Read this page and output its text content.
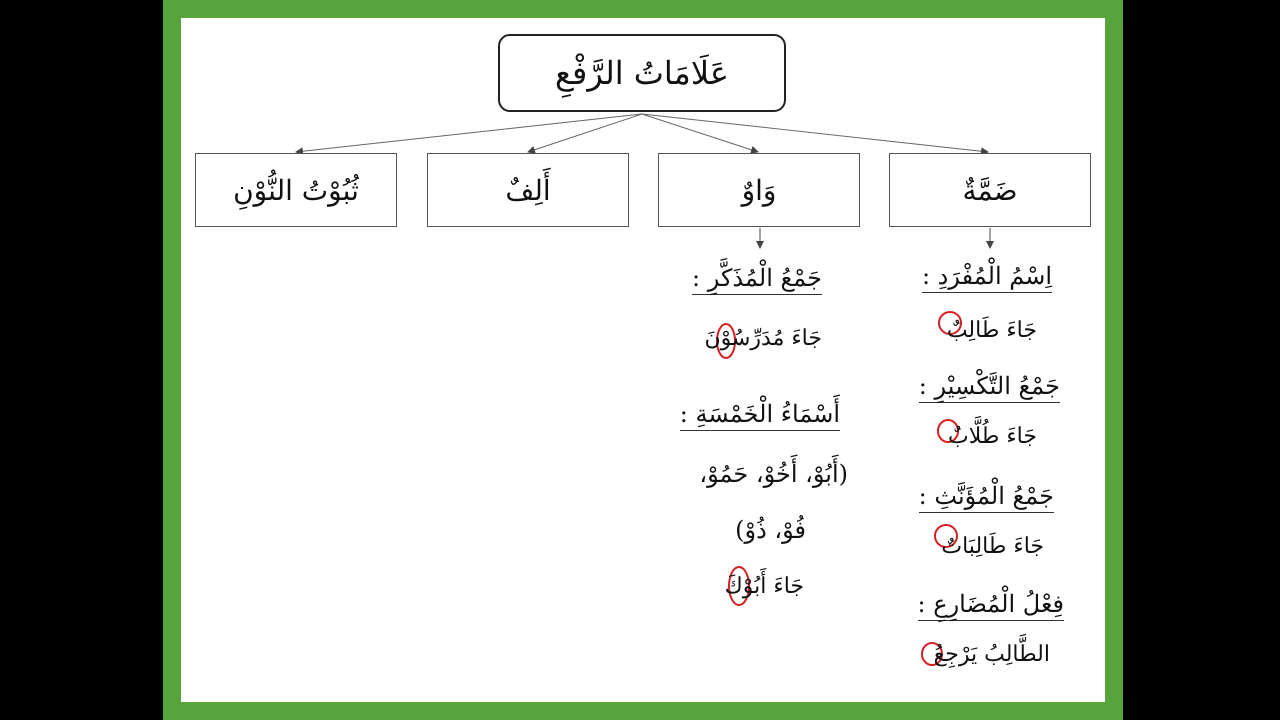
عَلَامَاتُ الرَّفْعِ
ضَمَّةٌ
وَاوٌ
أَلِفٌ
ثُبُوْتُ النُّوْنِ
اِسْمُ الْمُفْرَدِ :
جَاءَ طَالِبٌ
جَمْعُ التَّكْسِيْرِ :
جَاءَ طُلَّابٌ
جَمْعُ الْمُؤَنَّثِ :
جَاءَ طَالِبَاتٌ
فِعْلُ الْمُضَارِعِ :
الطَّالِبُ يَرْجِعُ
جَمْعُ الْمُذَكَّرِ :
جَاءَ مُدَرِّسُوْنَ
أَسْمَاءُ الْخَمْسَةِ :
(أَبُوْ، أَخُوْ، حَمُوْ،
فُوْ، ذُوْ)
جَاءَ أَبُوْكَ
